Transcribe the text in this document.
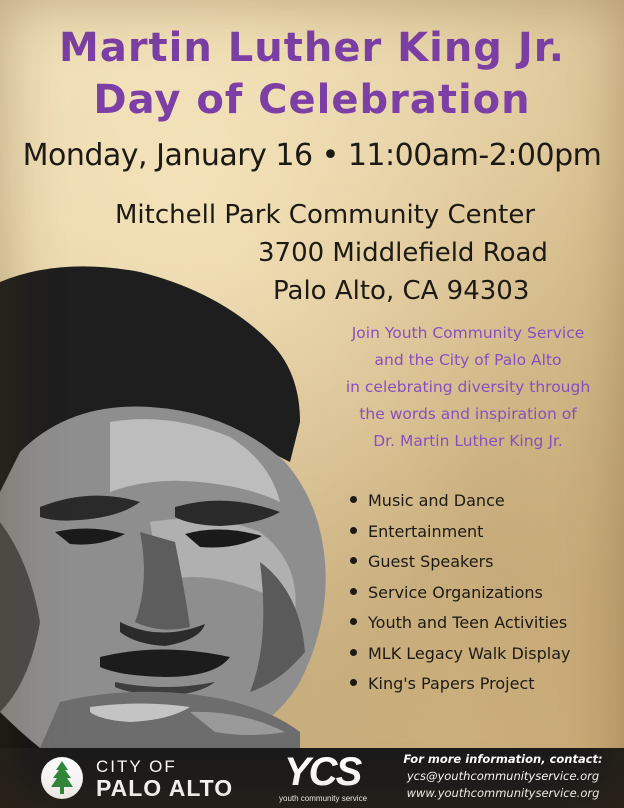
Martin Luther King Jr.
Day of Celebration
Monday, January 16 • 11:00am-2:00pm
Mitchell Park Community Center
3700 Middlefield Road
Palo Alto, CA 94303
Join Youth Community Service
and the City of Palo Alto
in celebrating diversity through
the words and inspiration of
Dr. Martin Luther King Jr.
Music and Dance
Entertainment
Guest Speakers
Service Organizations
Youth and Teen Activities
MLK Legacy Walk Display
King's Papers Project
CITY OF
PALO ALTO YCS
youth community service
For more information, contact:
ycs@youthcommunityservice.org
www.youthcommunityservice.org
